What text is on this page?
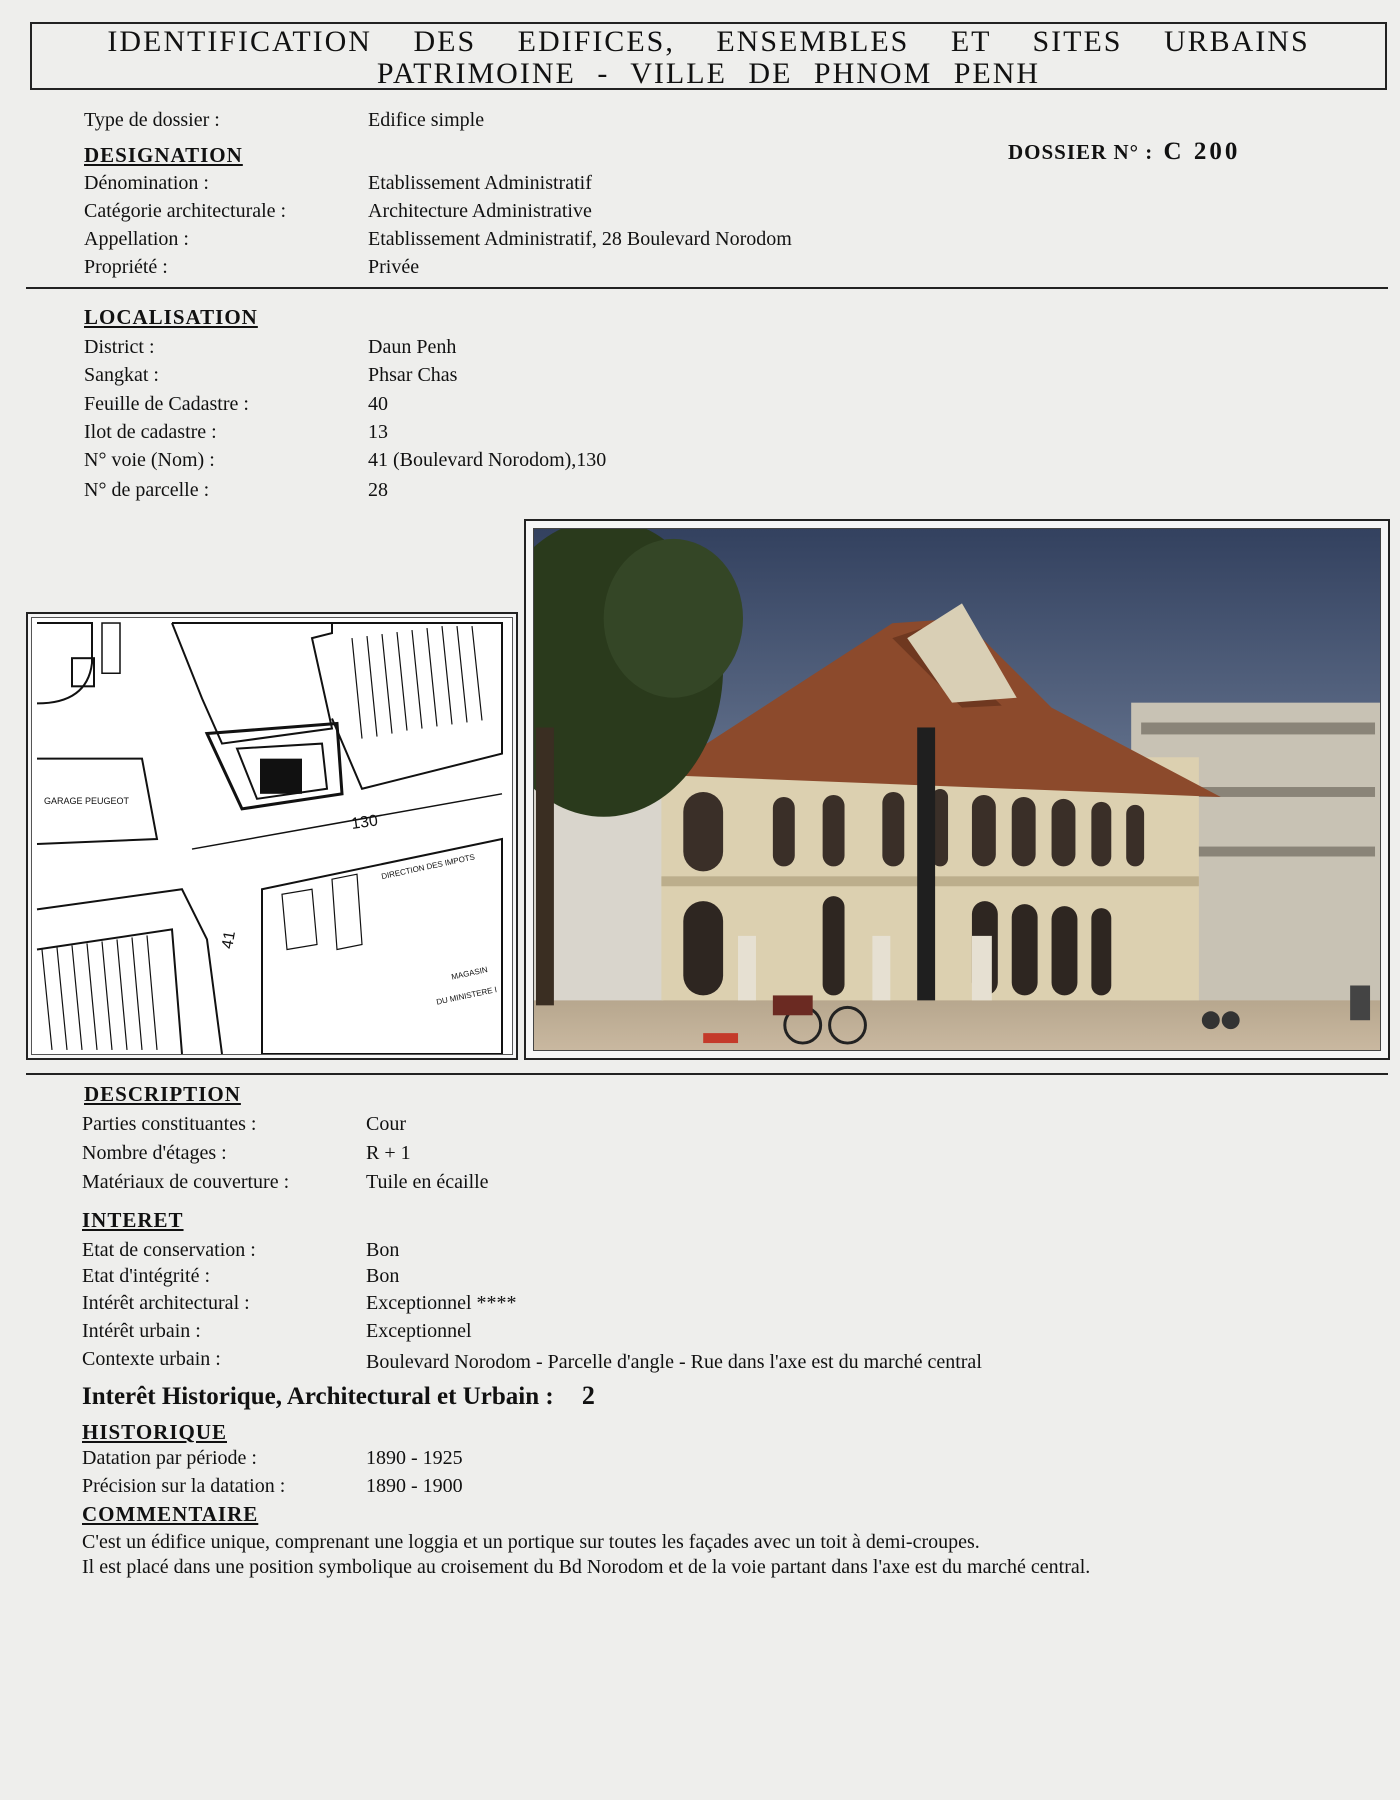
IDENTIFICATION DES EDIFICES, ENSEMBLES ET SITES URBAINS
PATRIMOINE - VILLE DE PHNOM PENH
Type de dossier :	Edifice simple
DOSSIER N° : C 200
DESIGNATION
Dénomination :	Etablissement Administratif
Catégorie architecturale :	Architecture Administrative
Appellation :	Etablissement Administratif, 28 Boulevard Norodom
Propriété :	Privée
LOCALISATION
District :	Daun Penh
Sangkat :	Phsar Chas
Feuille de Cadastre :	40
Ilot de cadastre :	13
N° voie (Nom) :	41 (Boulevard Norodom),130
N° de parcelle :	28
GARAGE PEUGEOT
130
41
DIRECTION DES IMPOTS
MAGASIN
DU MINISTERE I
DESCRIPTION
Parties constituantes :	Cour
Nombre d'étages :	R + 1
Matériaux de couverture :	Tuile en écaille
INTERET
Etat de conservation :	Bon
Etat d'intégrité :	Bon
Intérêt architectural :	Exceptionnel ****
Intérêt urbain :	Exceptionnel
Contexte urbain :	Boulevard Norodom - Parcelle d'angle - Rue dans l'axe est du marché central
Interêt Historique, Architectural et Urbain : 2
HISTORIQUE
Datation par période :	1890 - 1925
Précision sur la datation :	1890 - 1900
COMMENTAIRE
C'est un édifice unique, comprenant une loggia et un portique sur toutes les façades avec un toit à demi-croupes.
Il est placé dans une position symbolique au croisement du Bd Norodom et de la voie partant dans l'axe est du marché central.
